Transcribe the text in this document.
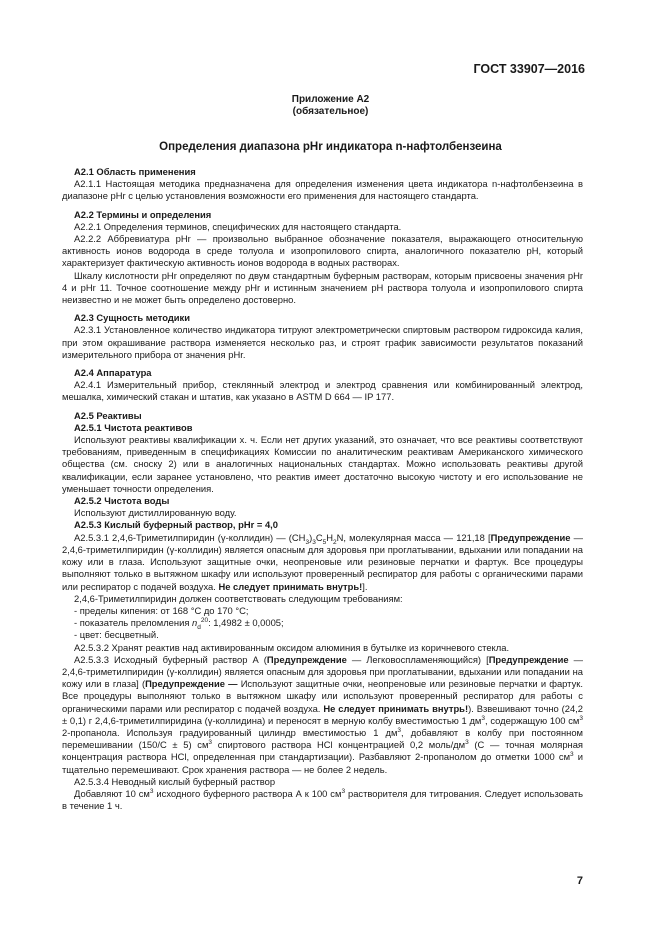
ГОСТ 33907—2016
Приложение А2
(обязательное)
Определения диапазона рНr индикатора n-нафтолбензеина

А2.1 Область применения

А2.1.1 Настоящая методика предназначена для определения изменения цвета индикатора n-нафтолбензеина в диапазоне рНr с целью установления возможности его применения для настоящего стандарта.

А2.2 Термины и определения

А2.2.1 Определения терминов, специфических для настоящего стандарта.

А2.2.2 Аббревиатура рНr — произвольно выбранное обозначение показателя, выражающего относительную активность ионов водорода в среде толуола и изопропилового спирта, аналогичного показателю рН, который характеризует фактическую активность ионов водорода в водных растворах.

Шкалу кислотности рНr определяют по двум стандартным буферным растворам, которым присвоены значения рНr 4 и рНr 11. Точное соотношение между рНr и истинным значением рН раствора толуола и изопропилового спирта неизвестно и не может быть определено достоверно.

А2.3 Сущность методики

А2.3.1 Установленное количество индикатора титруют электрометрически спиртовым раствором гидроксида калия, при этом окрашивание раствора изменяется несколько раз, и строят график зависимости результатов показаний измерительного прибора от значения рНr.

А2.4 Аппаратура

А2.4.1 Измерительный прибор, стеклянный электрод и электрод сравнения или комбинированный электрод, мешалка, химический стакан и штатив, как указано в ASTM D 664 — IP 177.

А2.5 Реактивы

А2.5.1 Чистота реактивов

Используют реактивы квалификации х. ч. Если нет других указаний, это означает, что все реактивы соответствуют требованиям, приведенным в спецификациях Комиссии по аналитическим реактивам Американского химического общества (см. сноску 2) или в аналогичных национальных стандартах. Можно использовать реактивы другой квалификации, если заранее установлено, что реактив имеет достаточно высокую чистоту и его использование не уменьшает точности определения.

А2.5.2 Чистота воды

Используют дистиллированную воду.

А2.5.3 Кислый буферный раствор, рНr = 4,0

А2.5.3.1 2,4,6-Триметилпиридин (γ-коллидин) — $(CH_3)_3C_5H_2N$, молекулярная масса — 121,18 [Предупреждение — 2,4,6-триметилпиридин (γ-коллидин) является опасным для здоровья при проглатывании, вдыхании или попадании на кожу или в глаза. Используют защитные очки, неопреновые или резиновые перчатки и фартук. Все процедуры выполняют только в вытяжном шкафу или используют проверенный респиратор для работы с органическими парами или респиратор с подачей воздуха. Не следует принимать внутрь!].

2,4,6-Триметилпиридин должен соответствовать следующим требованиям:

- пределы кипения: от 168 °С до 170 °С;

- показатель преломления $n_d^{20}$: 1,4982 ± 0,0005;

- цвет: бесцветный.

А2.5.3.2 Хранят реактив над активированным оксидом алюминия в бутылке из коричневого стекла.

А2.5.3.3 Исходный буферный раствор А (Предупреждение — Легковоспламеняющийся) [Предупреждение — 2,4,6-триметилпиридин (γ-коллидин) является опасным для здоровья при проглатывании, вдыхании или попадании на кожу или в глаза] (Предупреждение — Используют защитные очки, неопреновые или резиновые перчатки и фартук. Все процедуры выполняют только в вытяжном шкафу или используют проверенный респиратор для работы с органическими парами или респиратор с подачей воздуха. Не следует принимать внутрь!). Взвешивают точно (24,2 ± 0,1) г 2,4,6-триметилпиридина (γ-коллидина) и переносят в мерную колбу вместимостью 1 $дм^3$, содержащую 100 $см^3$ 2-пропанола. Используя градуированный цилиндр вместимостью 1 $дм^3$, добавляют в колбу при постоянном перемешивании (150/С ± 5) $см^3$ спиртового раствора HCl концентрацией 0,2 моль/$дм^3$ (С — точная молярная концентрация раствора HCl, определенная при стандартизации). Разбавляют 2-пропанолом до отметки 1000 $см^3$ и тщательно перемешивают. Срок хранения раствора — не более 2 недель.

А2.5.3.4 Неводный кислый буферный раствор

Добавляют 10 $см^3$ исходного буферного раствора А к 100 $см^3$ растворителя для титрования. Следует использовать в течение 1 ч.

7
